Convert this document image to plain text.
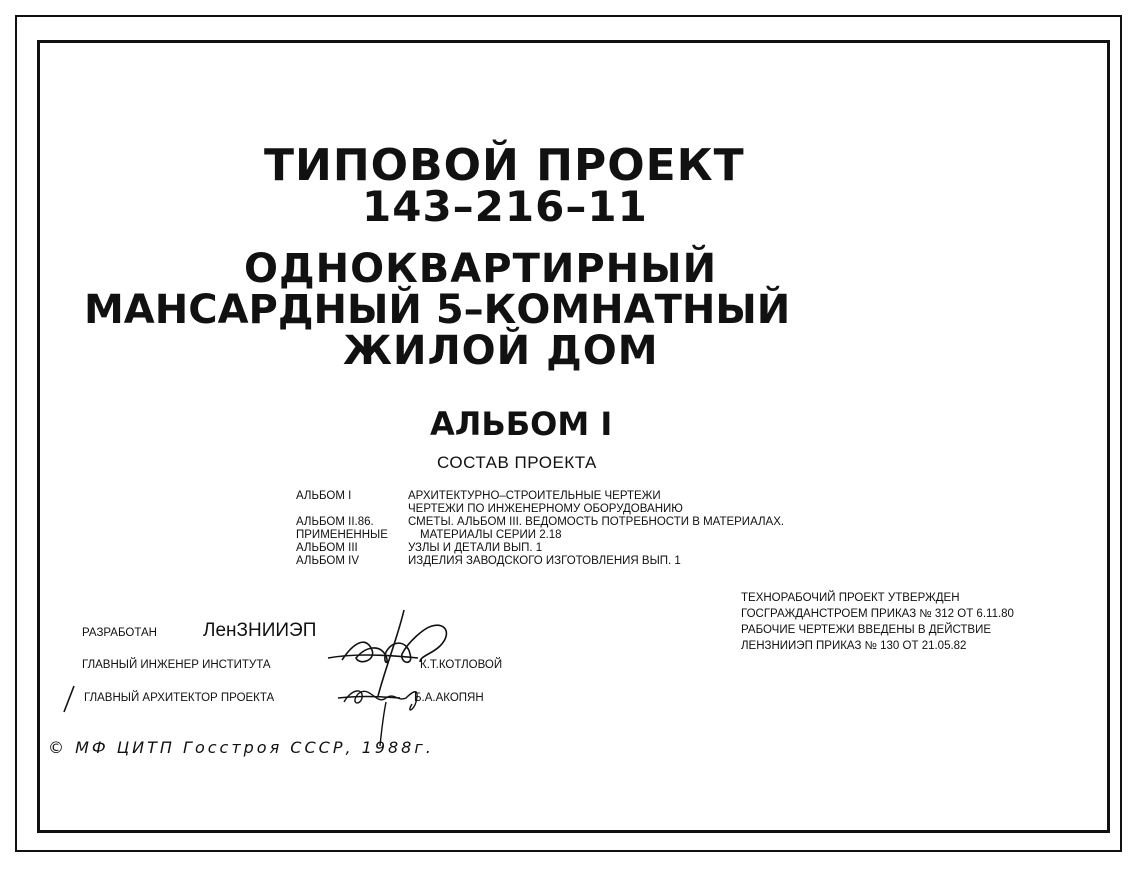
ТИПОВОЙ ПРОЕКТ
143–216–11
ОДНОКВАРТИРНЫЙ
МАНСАРДНЫЙ 5–КОМНАТНЫЙ
ЖИЛОЙ ДОМ
АЛЬБОМ I
СОСТАВ ПРОЕКТА
АЛЬБОМ I	АРХИТЕКТУРНО–СТРОИТЕЛЬНЫЕ ЧЕРТЕЖИ
ЧЕРТЕЖИ ПО ИНЖЕНЕРНОМУ ОБОРУДОВАНИЮ
АЛЬБОМ II.86.	СМЕТЫ. АЛЬБОМ III. ВЕДОМОСТЬ ПОТРЕБНОСТИ В МАТЕРИАЛАХ.
ПРИМЕНЕННЫЕ	МАТЕРИАЛЫ СЕРИИ 2.18
АЛЬБОМ III	УЗЛЫ И ДЕТАЛИ ВЫП. 1
АЛЬБОМ IV	ИЗДЕЛИЯ ЗАВОДСКОГО ИЗГОТОВЛЕНИЯ ВЫП. 1
ТЕХНОРАБОЧИЙ ПРОЕКТ УТВЕРЖДЕН
ГОСГРАЖДАНСТРОЕМ ПРИКАЗ № 312 ОТ 6.11.80
РАБОЧИЕ ЧЕРТЕЖИ ВВЕДЕНЫ В ДЕЙСТВИЕ
ЛЕНЗНИИЭП ПРИКАЗ № 130 ОТ 21.05.82
РАЗРАБОТАН ЛенЗНИИЭП
ГЛАВНЫЙ ИНЖЕНЕР ИНСТИТУТА	К.Т.КОТЛОВОЙ
ГЛАВНЫЙ АРХИТЕКТОР ПРОЕКТА	Б.А.АКОПЯН
© МФ ЦИТП Госстроя СССР, 1988г.
